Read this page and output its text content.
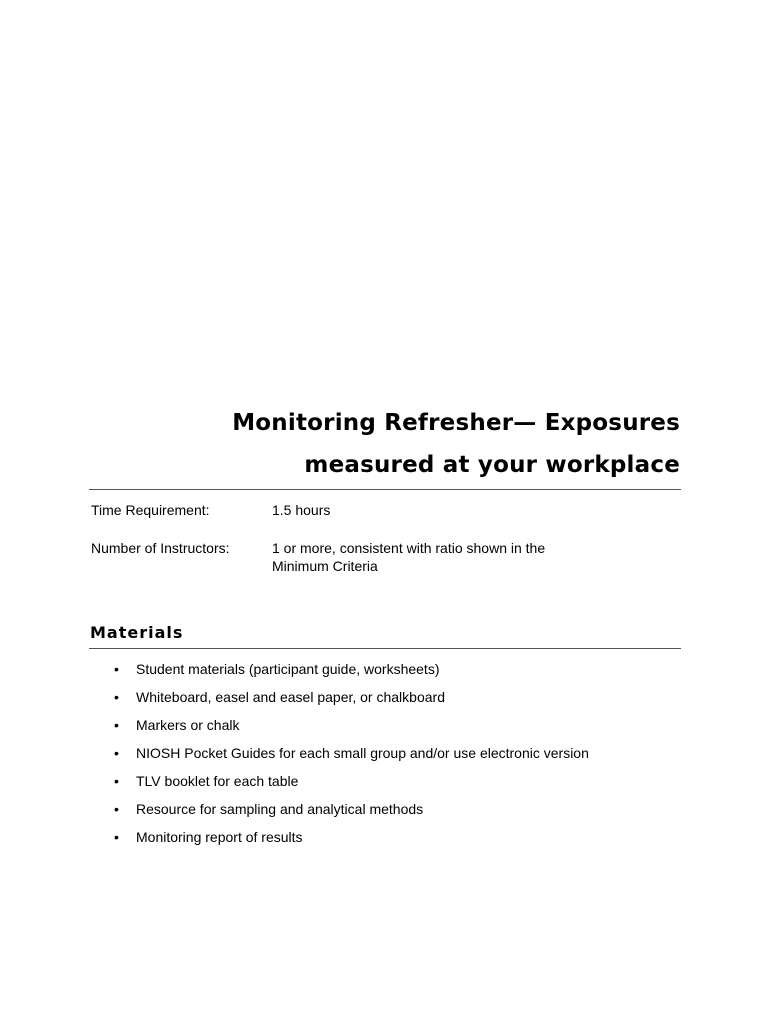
Monitoring Refresher— Exposures
measured at your workplace
Time Requirement:	1.5 hours
Number of Instructors:	1 or more, consistent with ratio shown in the Minimum Criteria
Materials
• Student materials (participant guide, worksheets)
• Whiteboard, easel and easel paper, or chalkboard
• Markers or chalk
• NIOSH Pocket Guides for each small group and/or use electronic version
• TLV booklet for each table
• Resource for sampling and analytical methods
• Monitoring report of results
